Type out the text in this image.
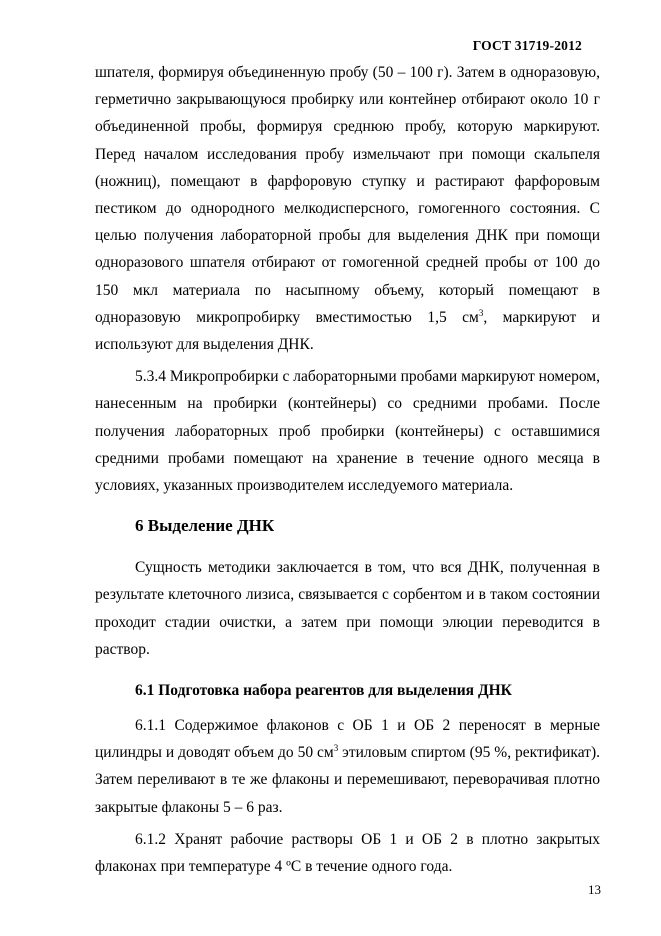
ГОСТ 31719-2012

шпателя, формируя объединенную пробу (50 – 100 г). Затем в одноразовую, герметично закрывающуюся пробирку или контейнер отбирают около 10 г объединенной пробы, формируя среднюю пробу, которую маркируют. Перед началом исследования пробу измельчают при помощи скальпеля (ножниц), помещают в фарфоровую ступку и растирают фарфоровым пестиком до однородного мелкодисперсного, гомогенного состояния. С целью получения лабораторной пробы для выделения ДНК при помощи одноразового шпателя отбирают от гомогенной средней пробы от 100 до 150 мкл материала по насыпному объему, который помещают в одноразовую микропробирку вместимостью 1,5 $см^3$, маркируют и используют для выделения ДНК.

5.3.4 Микропробирки с лабораторными пробами маркируют номером, нанесенным на пробирки (контейнеры) со средними пробами. После получения лабораторных проб пробирки (контейнеры) с оставшимися средними пробами помещают на хранение в течение одного месяца в условиях, указанных производителем исследуемого материала.

6 Выделение ДНК

Сущность методики заключается в том, что вся ДНК, полученная в результате клеточного лизиса, связывается с сорбентом и в таком состоянии проходит стадии очистки, а затем при помощи элюции переводится в раствор.

6.1 Подготовка набора реагентов для выделения ДНК

6.1.1 Содержимое флаконов с ОБ 1 и ОБ 2 переносят в мерные цилиндры и доводят объем до 50 $см^3$ этиловым спиртом (95 %, ректификат). Затем переливают в те же флаконы и перемешивают, переворачивая плотно закрытые флаконы 5 – 6 раз.

6.1.2 Хранят рабочие растворы ОБ 1 и ОБ 2 в плотно закрытых флаконах при температуре 4 ºС в течение одного года.

13
